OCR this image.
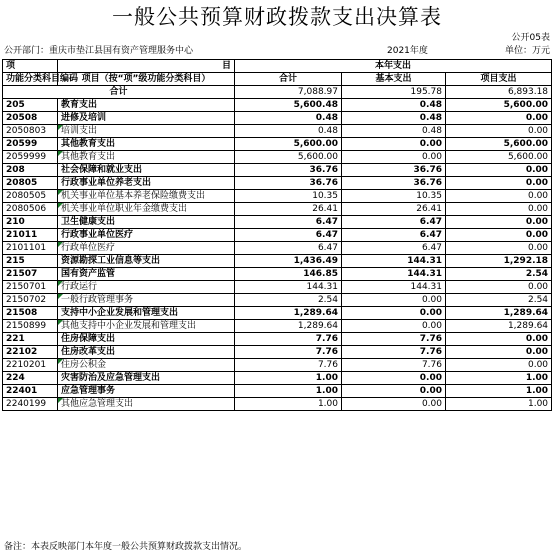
一般公共预算财政拨款支出决算表
公开05表
公开部门：重庆市垫江县国有资产管理服务中心	2021年度	单位：万元
项	目	本年支出		
功能分类科目编码	项目（按“项”级功能分类科目）	合计	基本支出	项目支出
合计		7,088.97	195.78	6,893.18
205	教育支出	5,600.48	0.48	5,600.00
20508	进修及培训	0.48	0.48	0.00
2050803	培训支出	0.48	0.48	0.00
20599	其他教育支出	5,600.00	0.00	5,600.00
2059999	其他教育支出	5,600.00	0.00	5,600.00
208	社会保障和就业支出	36.76	36.76	0.00
20805	行政事业单位养老支出	36.76	36.76	0.00
2080505	机关事业单位基本养老保险缴费支出	10.35	10.35	0.00
2080506	机关事业单位职业年金缴费支出	26.41	26.41	0.00
210	卫生健康支出	6.47	6.47	0.00
21011	行政事业单位医疗	6.47	6.47	0.00
2101101	行政单位医疗	6.47	6.47	0.00
215	资源勘探工业信息等支出	1,436.49	144.31	1,292.18
21507	国有资产监管	146.85	144.31	2.54
2150701	行政运行	144.31	144.31	0.00
2150702	一般行政管理事务	2.54	0.00	2.54
21508	支持中小企业发展和管理支出	1,289.64	0.00	1,289.64
2150899	其他支持中小企业发展和管理支出	1,289.64	0.00	1,289.64
221	住房保障支出	7.76	7.76	0.00
22102	住房改革支出	7.76	7.76	0.00
2210201	住房公积金	7.76	7.76	0.00
224	灾害防治及应急管理支出	1.00	0.00	1.00
22401	应急管理事务	1.00	0.00	1.00
2240199	其他应急管理支出	1.00	0.00	1.00
备注：本表反映部门本年度一般公共预算财政拨款支出情况。
